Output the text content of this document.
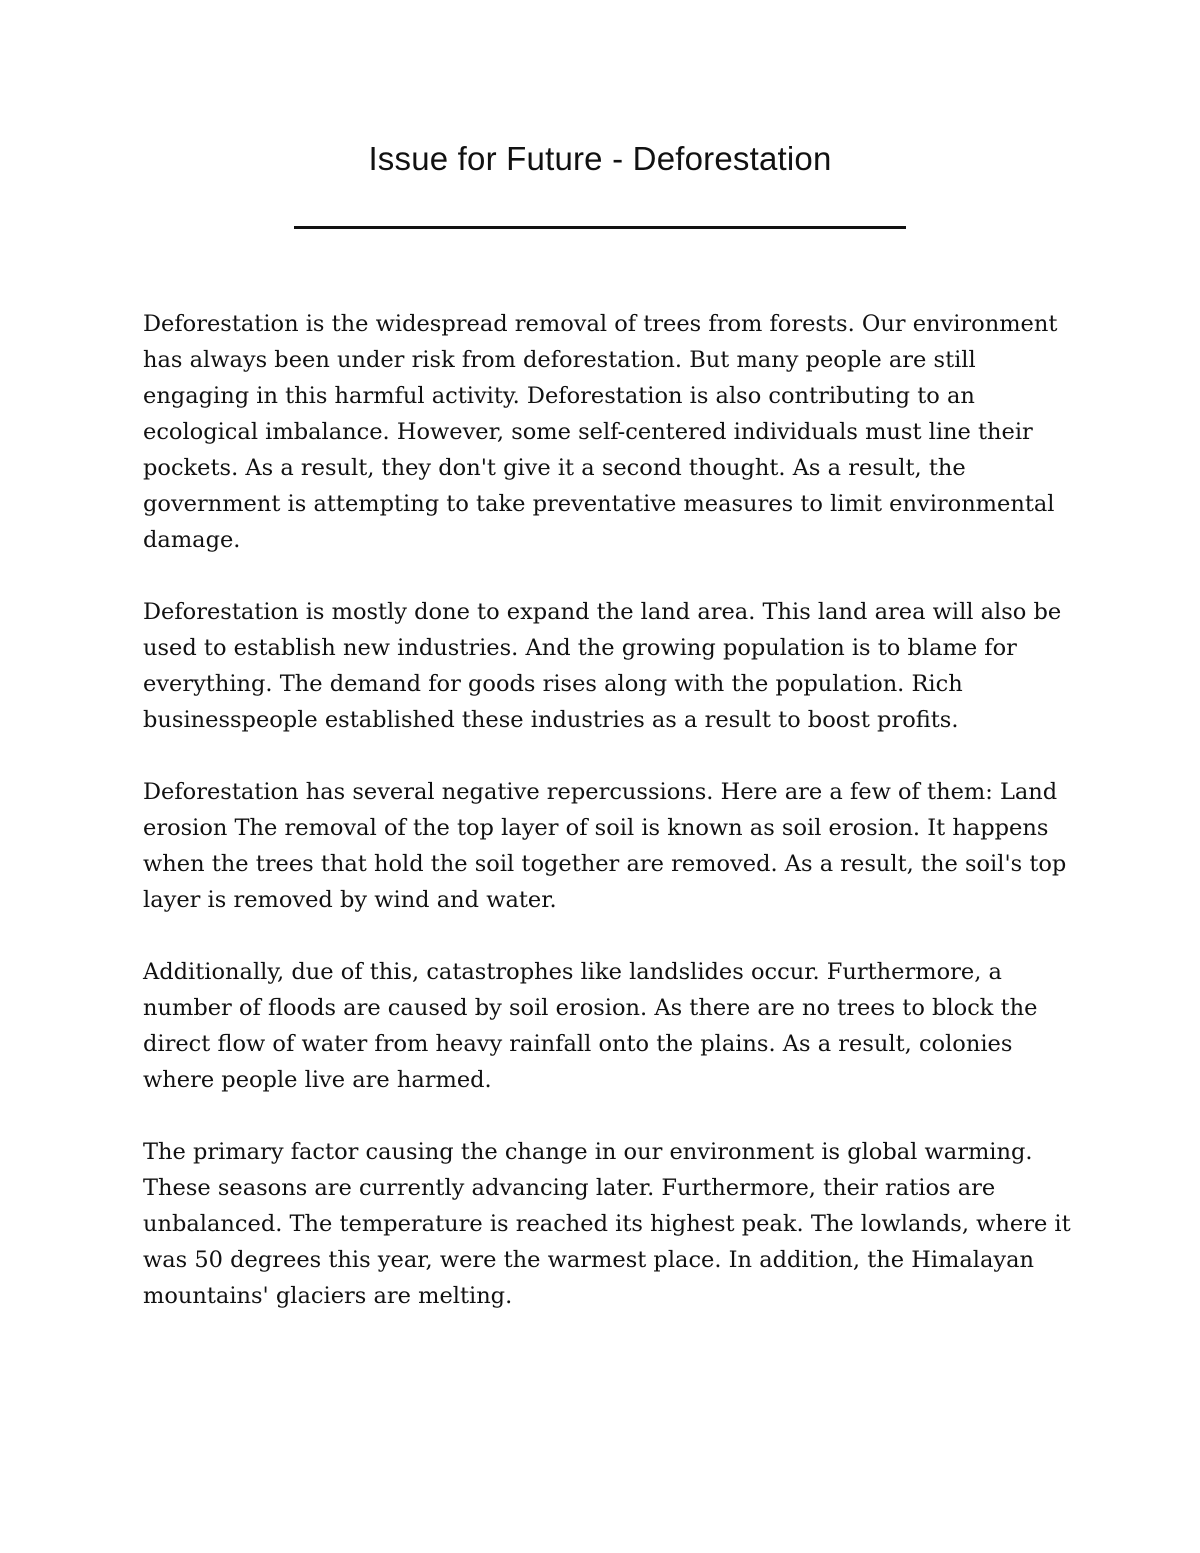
Issue for Future - Deforestation

Deforestation is the widespread removal of trees from forests. Our environment has always been under risk from deforestation. But many people are still engaging in this harmful activity. Deforestation is also contributing to an ecological imbalance. However, some self-centered individuals must line their pockets. As a result, they don't give it a second thought. As a result, the government is attempting to take preventative measures to limit environmental damage.

Deforestation is mostly done to expand the land area. This land area will also be used to establish new industries. And the growing population is to blame for everything. The demand for goods rises along with the population. Rich businesspeople established these industries as a result to boost profits.

Deforestation has several negative repercussions. Here are a few of them: Land erosion The removal of the top layer of soil is known as soil erosion. It happens when the trees that hold the soil together are removed. As a result, the soil's top layer is removed by wind and water.

Additionally, due of this, catastrophes like landslides occur. Furthermore, a number of floods are caused by soil erosion. As there are no trees to block the direct flow of water from heavy rainfall onto the plains. As a result, colonies where people live are harmed.

The primary factor causing the change in our environment is global warming. These seasons are currently advancing later. Furthermore, their ratios are unbalanced. The temperature is reached its highest peak. The lowlands, where it was 50 degrees this year, were the warmest place. In addition, the Himalayan mountains' glaciers are melting.
